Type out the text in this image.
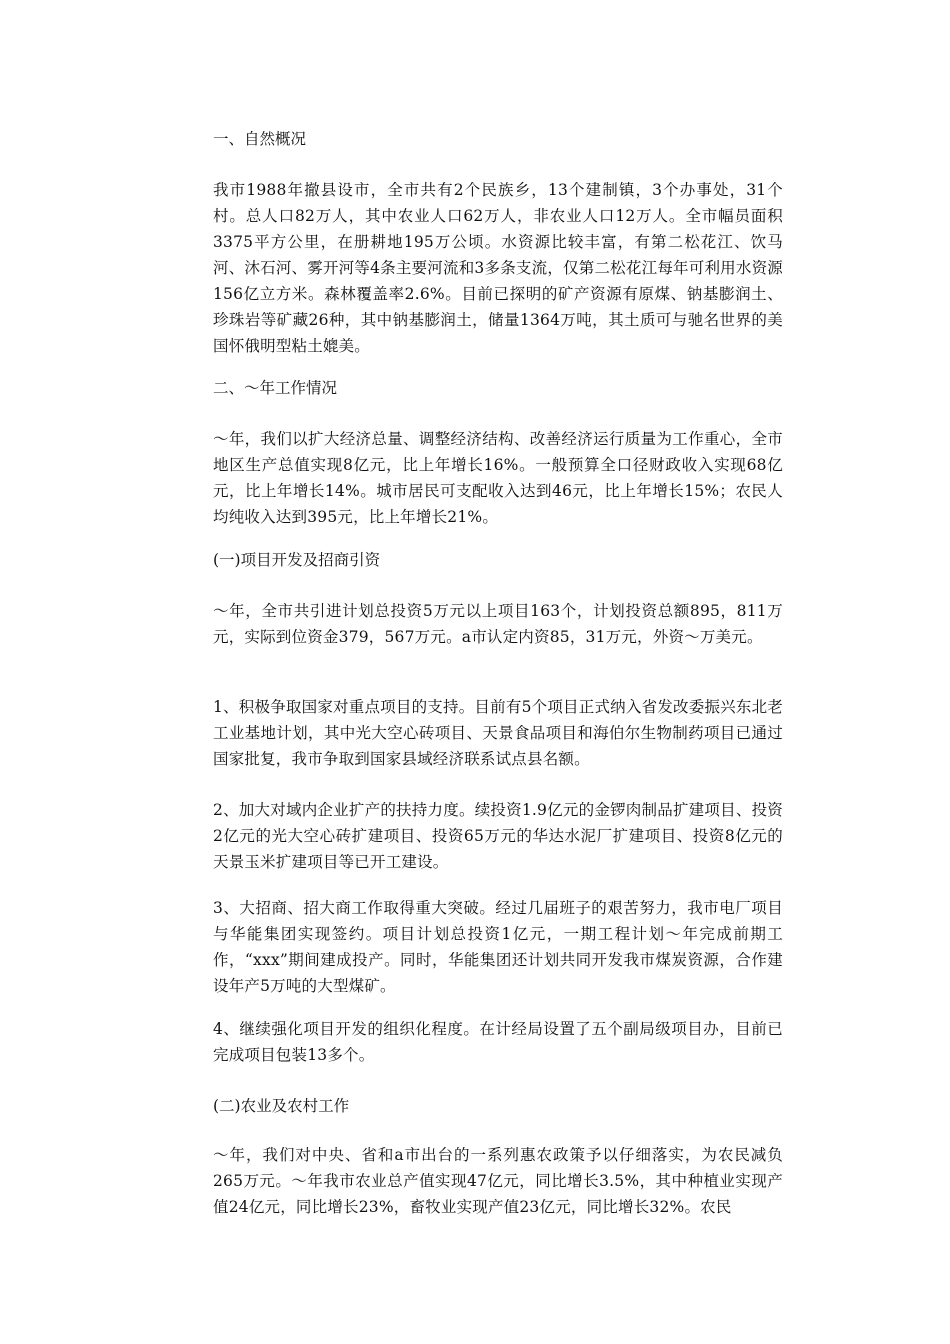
一、自然概况

我市1988年撤县设市，全市共有2个民族乡，13个建制镇，3个办事处，31个村。总人口82万人，其中农业人口62万人，非农业人口12万人。全市幅员面积3375平方公里，在册耕地195万公顷。水资源比较丰富，有第二松花江、饮马河、沐石河、雾开河等4条主要河流和3多条支流，仅第二松花江每年可利用水资源156亿立方米。森林覆盖率2.6%。目前已探明的矿产资源有原煤、钠基膨润土、珍珠岩等矿藏26种，其中钠基膨润土，储量1364万吨，其土质可与驰名世界的美国怀俄明型粘土媲美。

二、～年工作情况

～年，我们以扩大经济总量、调整经济结构、改善经济运行质量为工作重心，全市地区生产总值实现8亿元，比上年增长16%。一般预算全口径财政收入实现68亿元，比上年增长14%。城市居民可支配收入达到46元，比上年增长15%；农民人均纯收入达到395元，比上年增长21%。

(一)项目开发及招商引资

～年，全市共引进计划总投资5万元以上项目163个，计划投资总额895，811万元，实际到位资金379，567万元。a市认定内资85，31万元，外资～万美元。

1、积极争取国家对重点项目的支持。目前有5个项目正式纳入省发改委振兴东北老工业基地计划，其中光大空心砖项目、天景食品项目和海伯尔生物制药项目已通过国家批复，我市争取到国家县域经济联系试点县名额。

2、加大对域内企业扩产的扶持力度。续投资1.9亿元的金锣肉制品扩建项目、投资2亿元的光大空心砖扩建项目、投资65万元的华达水泥厂扩建项目、投资8亿元的天景玉米扩建项目等已开工建设。

3、大招商、招大商工作取得重大突破。经过几届班子的艰苦努力，我市电厂项目与华能集团实现签约。项目计划总投资1亿元，一期工程计划～年完成前期工作，“xxx”期间建成投产。同时，华能集团还计划共同开发我市煤炭资源，合作建设年产5万吨的大型煤矿。

4、继续强化项目开发的组织化程度。在计经局设置了五个副局级项目办，目前已完成项目包装13多个。

(二)农业及农村工作

～年，我们对中央、省和a市出台的一系列惠农政策予以仔细落实，为农民减负265万元。～年我市农业总产值实现47亿元，同比增长3.5%，其中种植业实现产值24亿元，同比增长23%，畜牧业实现产值23亿元，同比增长32%。农民
